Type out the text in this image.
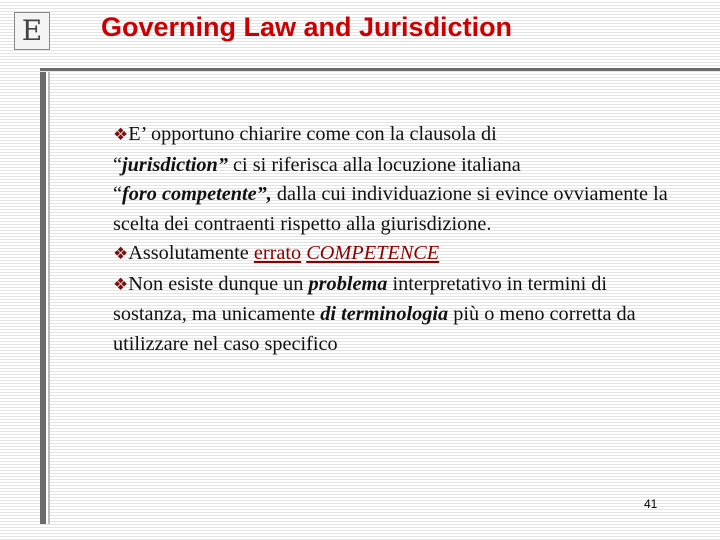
E Governing Law and Jurisdiction

❖E’ opportuno chiarire come con la clausola di
“jurisdiction” ci si riferisca alla locuzione italiana
“foro competente”, dalla cui individuazione si evince ovviamente la scelta dei contraenti rispetto alla giurisdizione.

❖Assolutamente errato COMPETENCE

❖Non esiste dunque un problema interpretativo in termini di sostanza, ma unicamente di terminologia più o meno corretta da utilizzare nel caso specifico

41
